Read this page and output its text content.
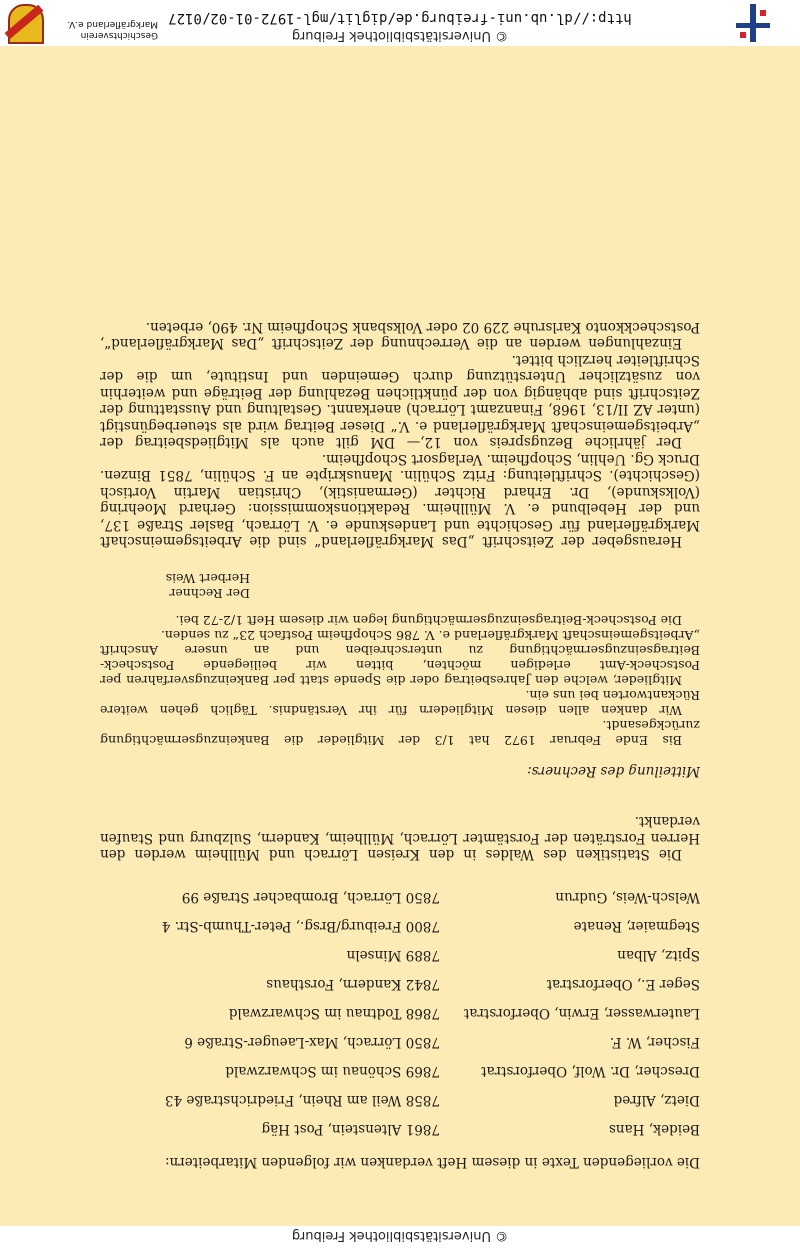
© Universitätsbibliothek Freiburg
http://dl.ub.uni-freiburg.de/diglit/mgl-1972-01-02/0127
Geschichtsverein Markgräflerland e.V.

Die vorliegenden Texte in diesem Heft verdanken wir folgenden Mitarbeitern:

Beidek, Hans	7861 Altenstein, Post Häg
Dietz, Alfred	7858 Weil am Rhein, Friedrichstraße 43
Drescher, Dr. Wolf, Oberforstrat	7869 Schönau im Schwarzwald
Fischer, W. F.	7850 Lörrach, Max-Laeuger-Straße 6
Lauterwasser, Erwin, Oberforstrat	7868 Todtnau im Schwarzwald
Seger E., Oberforstrat	7842 Kandern, Forsthaus
Spitz, Alban	7889 Minseln
Stegmaier, Renate	7800 Freiburg/Brsg., Peter-Thumb-Str. 4
Welsch-Weis, Gudrun	7850 Lörrach, Brombacher Straße 99

Die Statistiken des Waldes in den Kreisen Lörrach und Müllheim werden den Herren Forsträten der Forstämter Lörrach, Müllheim, Kandern, Sulzburg und Staufen verdankt.

Mitteilung des Rechners:

Bis Ende Februar 1972 hat 1/3 der Mitglieder die Bankeinzugsermächtigung zurückgesandt.

Wir danken allen diesen Mitgliedern für ihr Verständnis. Täglich gehen weitere Rückantworten bei uns ein.

Mitglieder, welche den Jahresbeitrag oder die Spende statt per Bankeinzugsverfahren per Postscheck-Amt erledigen möchten, bitten wir beiliegende Postscheck-Beitragseinzugsermächtigung zu unterschreiben und an unsere Anschrift „Arbeitsgemeinschaft Markgräflerland e. V. 786 Schopfheim Postfach 23“ zu senden.

Die Postscheck-Beitragseinzugsermächtigung legen wir diesem Heft 1/2-72 bei.

Der Rechner
Herbert Weis

Herausgeber der Zeitschrift „Das Markgräflerland“ sind die Arbeitsgemeinschaft Markgräflerland für Geschichte und Landeskunde e. V. Lörrach, Basler Straße 137, und der Hebelbund e. V. Müllheim. Redaktionskommission: Gerhard Moehring (Volkskunde), Dr. Erhard Richter (Germanistik), Christian Martin Vortisch (Geschichte). Schriftleitung: Fritz Schülin. Manuskripte an F. Schülin, 7851 Binzen. Druck Gg. Uehlin, Schopfheim. Verlagsort Schopfheim.

Der jährliche Bezugspreis von 12,— DM gilt auch als Mitgliedsbeitrag der „Arbeitsgemeinschaft Markgräflerland e. V.“ Dieser Beitrag wird als steuerbegünstigt (unter AZ II/13, 1968, Finanzamt Lörrach) anerkannt. Gestaltung und Ausstattung der Zeitschrift sind abhängig von der pünktlichen Bezahlung der Beiträge und weiterhin von zusätzlicher Unterstützung durch Gemeinden und Institute, um die der Schriftleiter herzlich bittet.

Einzahlungen werden an die Verrechnung der Zeitschrift „Das Markgräflerland“, Postscheckkonto Karlsruhe 229 02 oder Volksbank Schopfheim Nr. 490, erbeten.

© Universitätsbibliothek Freiburg
